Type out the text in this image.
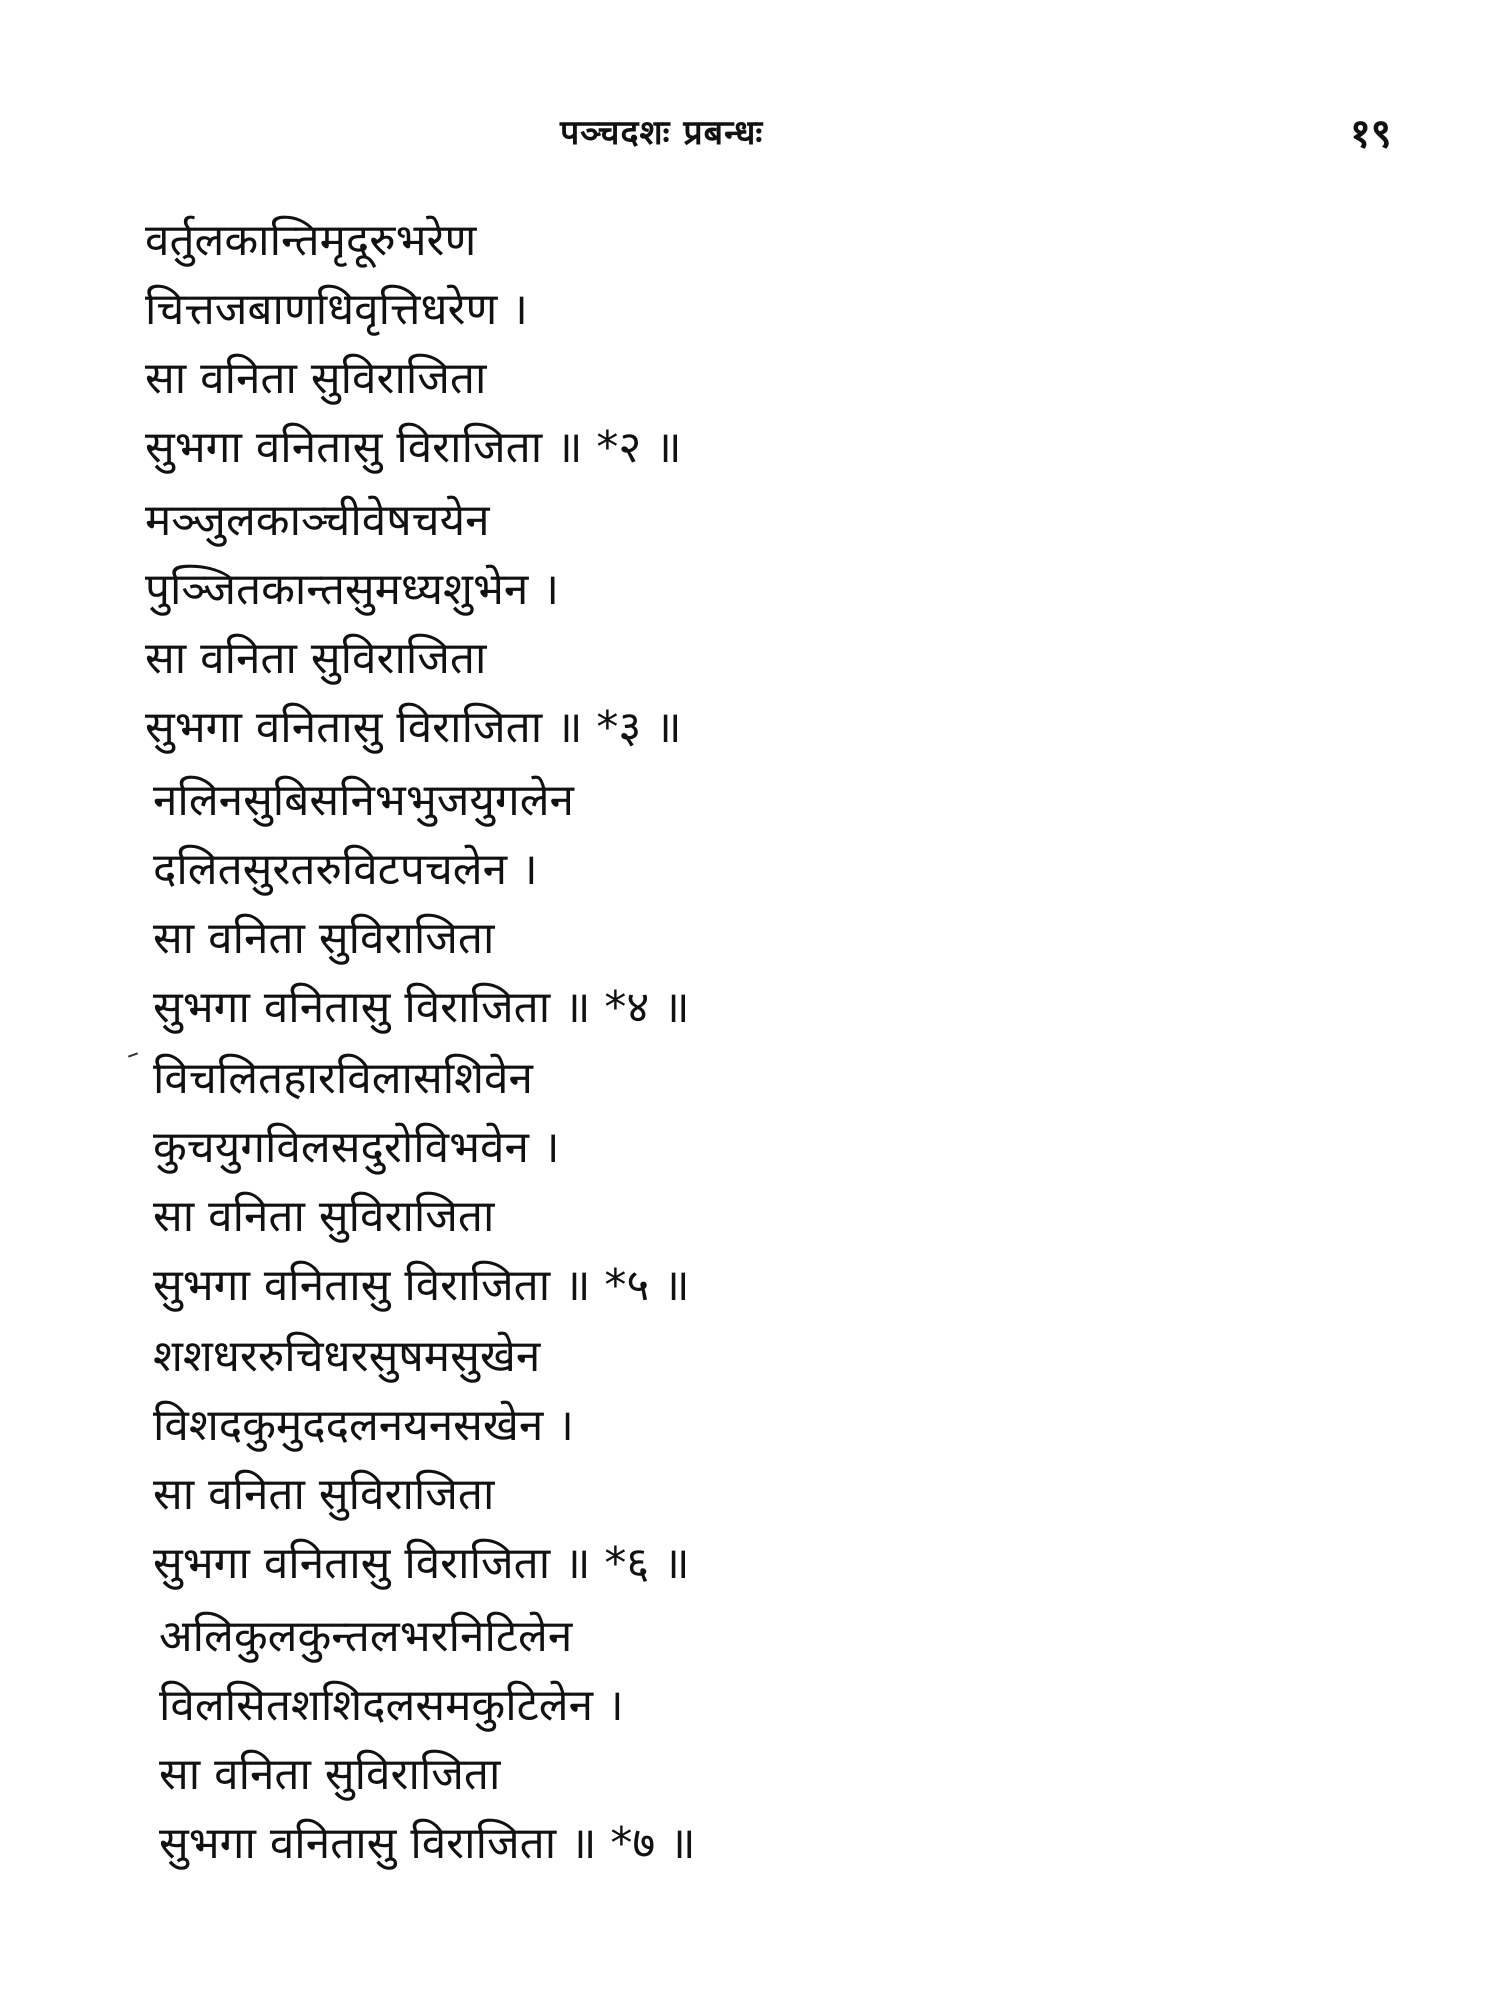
पञ्चदशः प्रबन्धः	१९
वर्तुलकान्तिमृदूरुभरेण
चित्तजबाणधिवृत्तिधरेण ।
सा वनिता सुविराजिता
सुभगा वनितासु विराजिता ॥ *२ ॥
मञ्जुलकाञ्चीवेषचयेन
पुञ्जितकान्तसुमध्यशुभेन ।
सा वनिता सुविराजिता
सुभगा वनितासु विराजिता ॥ *३ ॥
नलिनसुबिसनिभभुजयुगलेन
दलितसुरतरुविटपचलेन ।
सा वनिता सुविराजिता
सुभगा वनितासु विराजिता ॥ *४ ॥
विचलितहारविलासशिवेन
कुचयुगविलसदुरोविभवेन ।
सा वनिता सुविराजिता
सुभगा वनितासु विराजिता ॥ *५ ॥
शशधररुचिधरसुषमसुखेन
विशदकुमुददलनयनसखेन ।
सा वनिता सुविराजिता
सुभगा वनितासु विराजिता ॥ *६ ॥
अलिकुलकुन्तलभरनिटिलेन
विलसितशशिदलसमकुटिलेन ।
सा वनिता सुविराजिता
सुभगा वनितासु विराजिता ॥ *७ ॥
